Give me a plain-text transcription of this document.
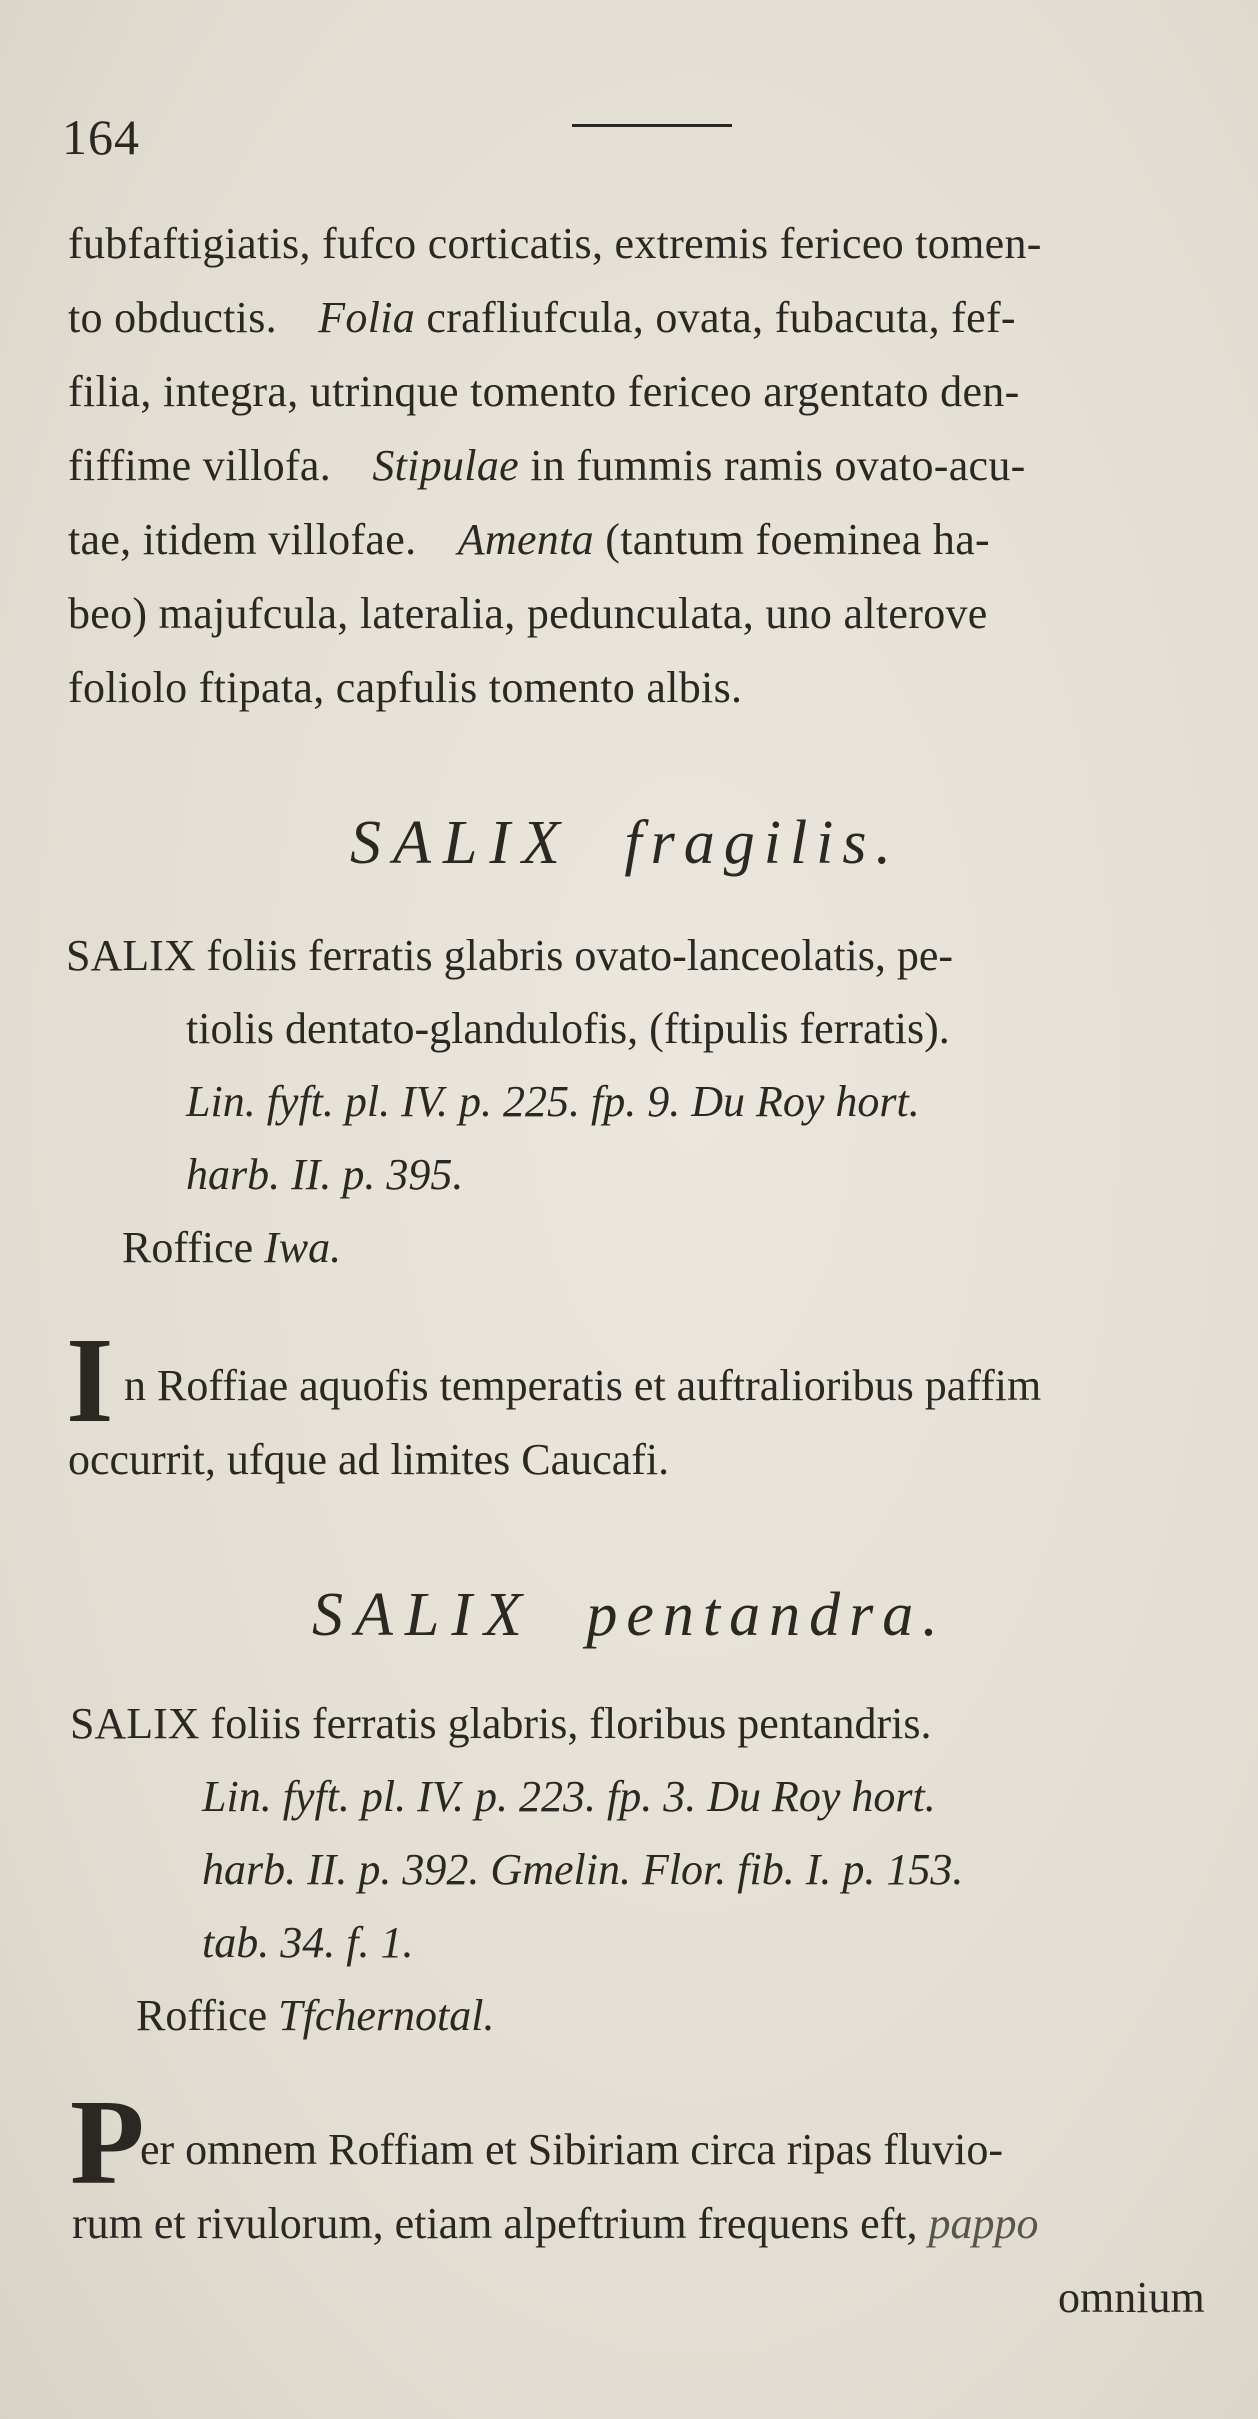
164
fubfaftigiatis, fufco corticatis, extremis fericeo tomen-
to obductis. Folia crafliufcula, ovata, fubacuta, fef-
filia, integra, utrinque tomento fericeo argentato den-
fiffime villofa. Stipulae in fummis ramis ovato-acu-
tae, itidem villofae. Amenta (tantum foeminea ha-
beo) majufcula, lateralia, pedunculata, uno alterove
foliolo ftipata, capfulis tomento albis.
SALIX fragilis.
SALIX foliis ferratis glabris ovato-lanceolatis, pe-
tiolis dentato-glandulofis, (ftipulis ferratis).
Lin. fyft. pl. IV. p. 225. fp. 9. Du Roy hort.
harb. II. p. 395.
Roffice Iwa.
I n Roffiae aquofis temperatis et auftralioribus paffim
occurrit, ufque ad limites Caucafi.
SALIX pentandra.
SALIX foliis ferratis glabris, floribus pentandris.
Lin. fyft. pl. IV. p. 223. fp. 3. Du Roy hort.
harb. II. p. 392. Gmelin. Flor. fib. I. p. 153.
tab. 34. f. 1.
Roffice Tfchernotal.
P
er omnem Roffiam et Sibiriam circa ripas fluvio-
rum et rivulorum, etiam alpeftrium frequens eft, pappo
omnium
